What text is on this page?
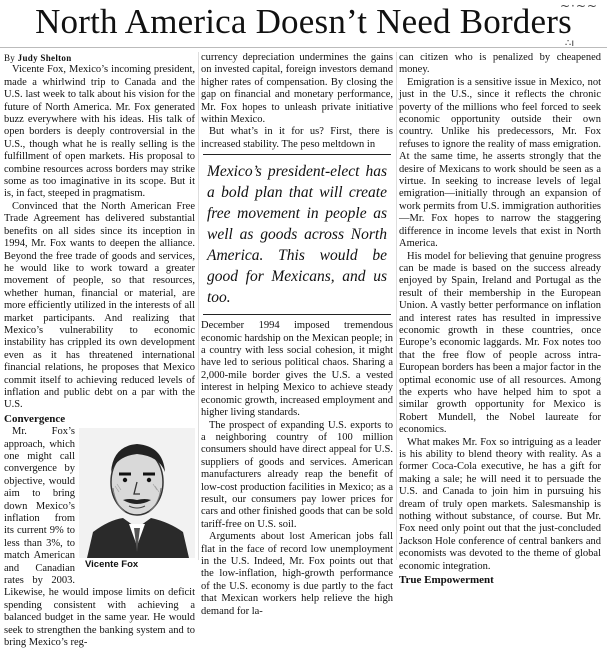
North America Doesn’t Need Borders
~·~~
∴ı

By Judy Shelton

Vicente Fox, Mexico’s incoming president, made a whirlwind trip to Canada and the U.S. last week to talk about his vision for the future of North America. Mr. Fox generated buzz everywhere with his ideas. His talk of open borders is deeply controversial in the U.S., though what he is really selling is the fulfillment of open markets. His proposal to combine resources across borders may strike some as too imaginative in its scope. But it is, in fact, steeped in pragmatism.

Convinced that the North American Free Trade Agreement has delivered substantial benefits on all sides since its inception in 1994, Mr. Fox wants to deepen the alliance. Beyond the free trade of goods and services, he would like to work toward a greater movement of people, so that resources, whether human, financial or material, are more efficiently utilized in the interests of all market participants. And realizing that Mexico’s vulnerability to economic instability has crippled its own development even as it has threatened international financial relations, he proposes that Mexico commit itself to achieving reduced levels of inflation and public debt on a par with the U.S.

Convergence

Vicente Fox

Mr. Fox’s approach, which one might call convergence by objective, would aim to bring down Mexico’s inflation from its current 9% to less than 3%, to match American and Canadian rates by 2003. Likewise, he would impose limits on deficit spending consistent with achieving a balanced budget in the same year. He would seek to strengthen the banking system and to bring Mexico’s reg-

currency depreciation undermines the gains on invested capital, foreign investors demand higher rates of compensation. By closing the gap on financial and monetary performance, Mr. Fox hopes to unleash private initiative within Mexico.

But what’s in it for us? First, there is increased stability. The peso meltdown in

Mexico’s president-elect has a bold plan that will create free movement in people as well as goods across North America. This would be good for Mexicans, and us too.

December 1994 imposed tremendous economic hardship on the Mexican people; in a country with less social cohesion, it might have led to serious political chaos. Sharing a 2,000-mile border gives the U.S. a vested interest in helping Mexico to achieve steady economic growth, increased employment and higher living standards.

The prospect of expanding U.S. exports to a neighboring country of 100 million consumers should have direct appeal for U.S. suppliers of goods and services. American manufacturers already reap the benefit of low-cost production facilities in Mexico; as a result, our consumers pay lower prices for cars and other finished goods that can be sold tariff-free on U.S. soil.

Arguments about lost American jobs fall flat in the face of record low unemployment in the U.S. Indeed, Mr. Fox points out that the low-inflation, high-growth performance of the U.S. economy is due partly to the fact that Mexican workers help relieve the high demand for la-

can citizen who is penalized by cheapened money.

Emigration is a sensitive issue in Mexico, not just in the U.S., since it reflects the chronic poverty of the millions who feel forced to seek economic opportunity outside their own country. Unlike his predecessors, Mr. Fox refuses to ignore the reality of mass emigration. At the same time, he asserts strongly that the desire of Mexicans to work should be seen as a virtue. In seeking to increase levels of legal emigration—initially through an expansion of work permits from U.S. immigration authorities—Mr. Fox hopes to narrow the staggering difference in income levels that exist in North America.

His model for believing that genuine progress can be made is based on the success already enjoyed by Spain, Ireland and Portugal as the result of their membership in the European Union. A vastly better performance on inflation and interest rates has resulted in impressive economic growth in these countries, once Europe’s economic laggards. Mr. Fox notes too that the free flow of people across intra-European borders has been a major factor in the optimal economic use of all resources. Among the experts who have helped him to spot a similar growth opportunity for Mexico is Robert Mundell, the Nobel laureate for economics.

What makes Mr. Fox so intriguing as a leader is his ability to blend theory with reality. As a former Coca-Cola executive, he has a gift for making a sale; he will need it to persuade the U.S. and Canada to join him in pursuing his dream of truly open markets. Salesmanship is nothing without substance, of course. But Mr. Fox need only point out that the just-concluded Jackson Hole conference of central bankers and economists was devoted to the theme of global economic integration.

True Empowerment
